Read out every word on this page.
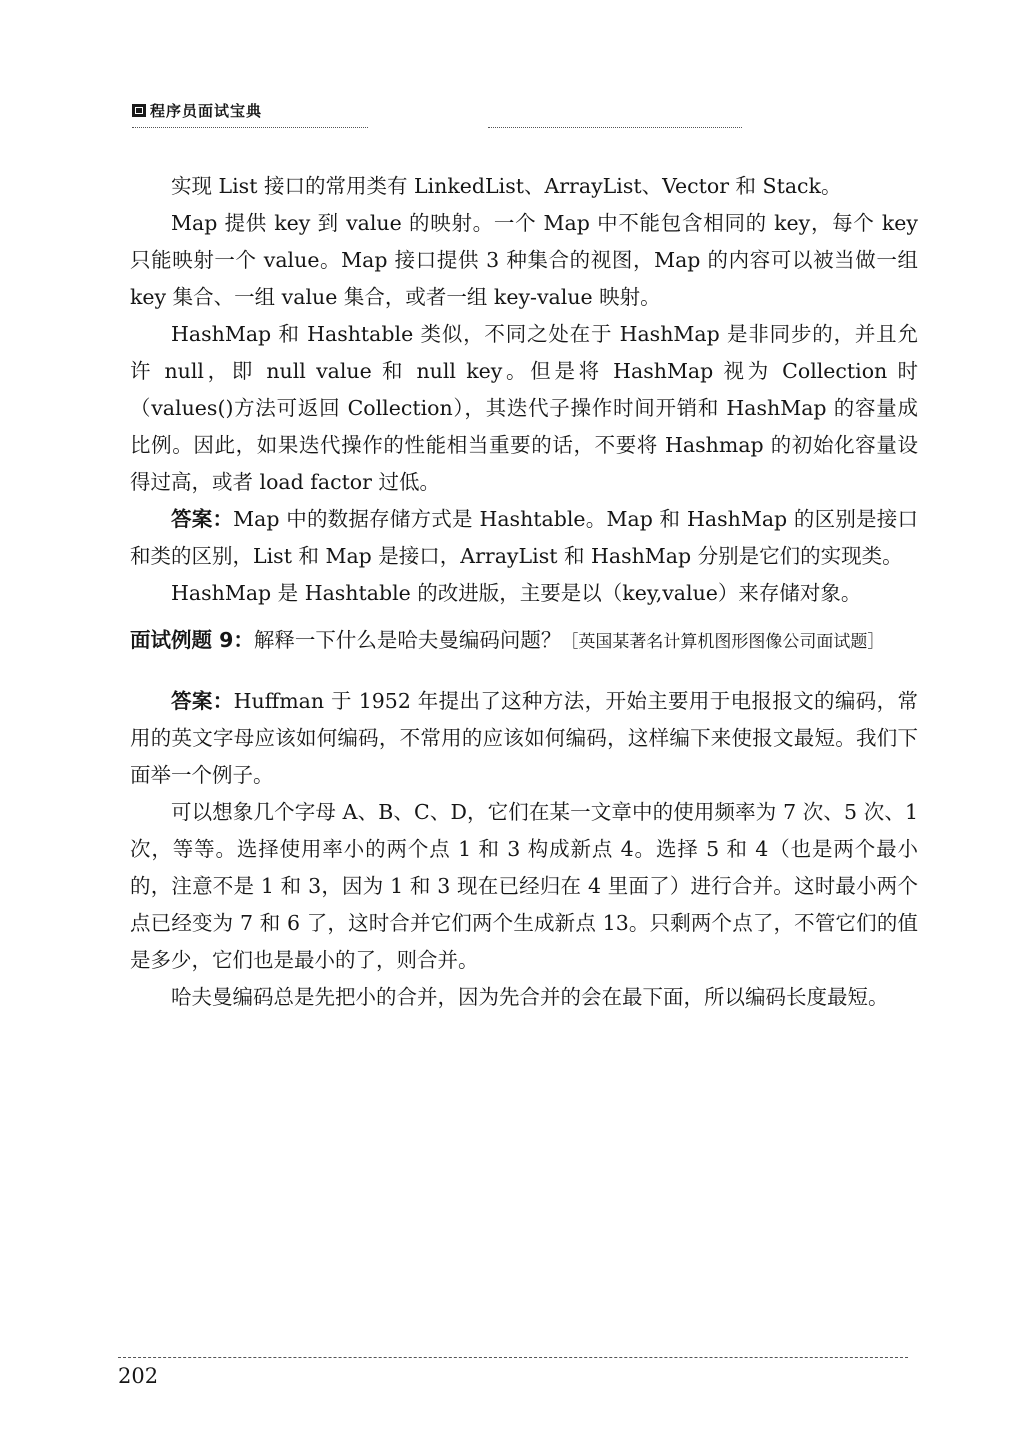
程序员面试宝典

实现 List 接口的常用类有 LinkedList、ArrayList、Vector 和 Stack。

Map 提供 key 到 value 的映射。一个 Map 中不能包含相同的 key，每个 key 只能映射一个 value。Map 接口提供 3 种集合的视图，Map 的内容可以被当做一组 key 集合、一组 value 集合，或者一组 key-value 映射。

HashMap 和 Hashtable 类似，不同之处在于 HashMap 是非同步的，并且允许 null，即 null value 和 null key。但是将 HashMap 视为 Collection 时（values()方法可返回 Collection），其迭代子操作时间开销和 HashMap 的容量成比例。因此，如果迭代操作的性能相当重要的话，不要将 Hashmap 的初始化容量设得过高，或者 load factor 过低。

答案：Map 中的数据存储方式是 Hashtable。Map 和 HashMap 的区别是接口和类的区别，List 和 Map 是接口，ArrayList 和 HashMap 分别是它们的实现类。

HashMap 是 Hashtable 的改进版，主要是以（key,value）来存储对象。

面试例题 9：解释一下什么是哈夫曼编码问题？［英国某著名计算机图形图像公司面试题］

答案：Huffman 于 1952 年提出了这种方法，开始主要用于电报报文的编码，常用的英文字母应该如何编码，不常用的应该如何编码，这样编下来使报文最短。我们下面举一个例子。

可以想象几个字母 A、B、C、D，它们在某一文章中的使用频率为 7 次、5 次、1 次，等等。选择使用率小的两个点 1 和 3 构成新点 4。选择 5 和 4（也是两个最小的，注意不是 1 和 3，因为 1 和 3 现在已经归在 4 里面了）进行合并。这时最小两个点已经变为 7 和 6 了，这时合并它们两个生成新点 13。只剩两个点了，不管它们的值是多少，它们也是最小的了，则合并。

哈夫曼编码总是先把小的合并，因为先合并的会在最下面，所以编码长度最短。

202
